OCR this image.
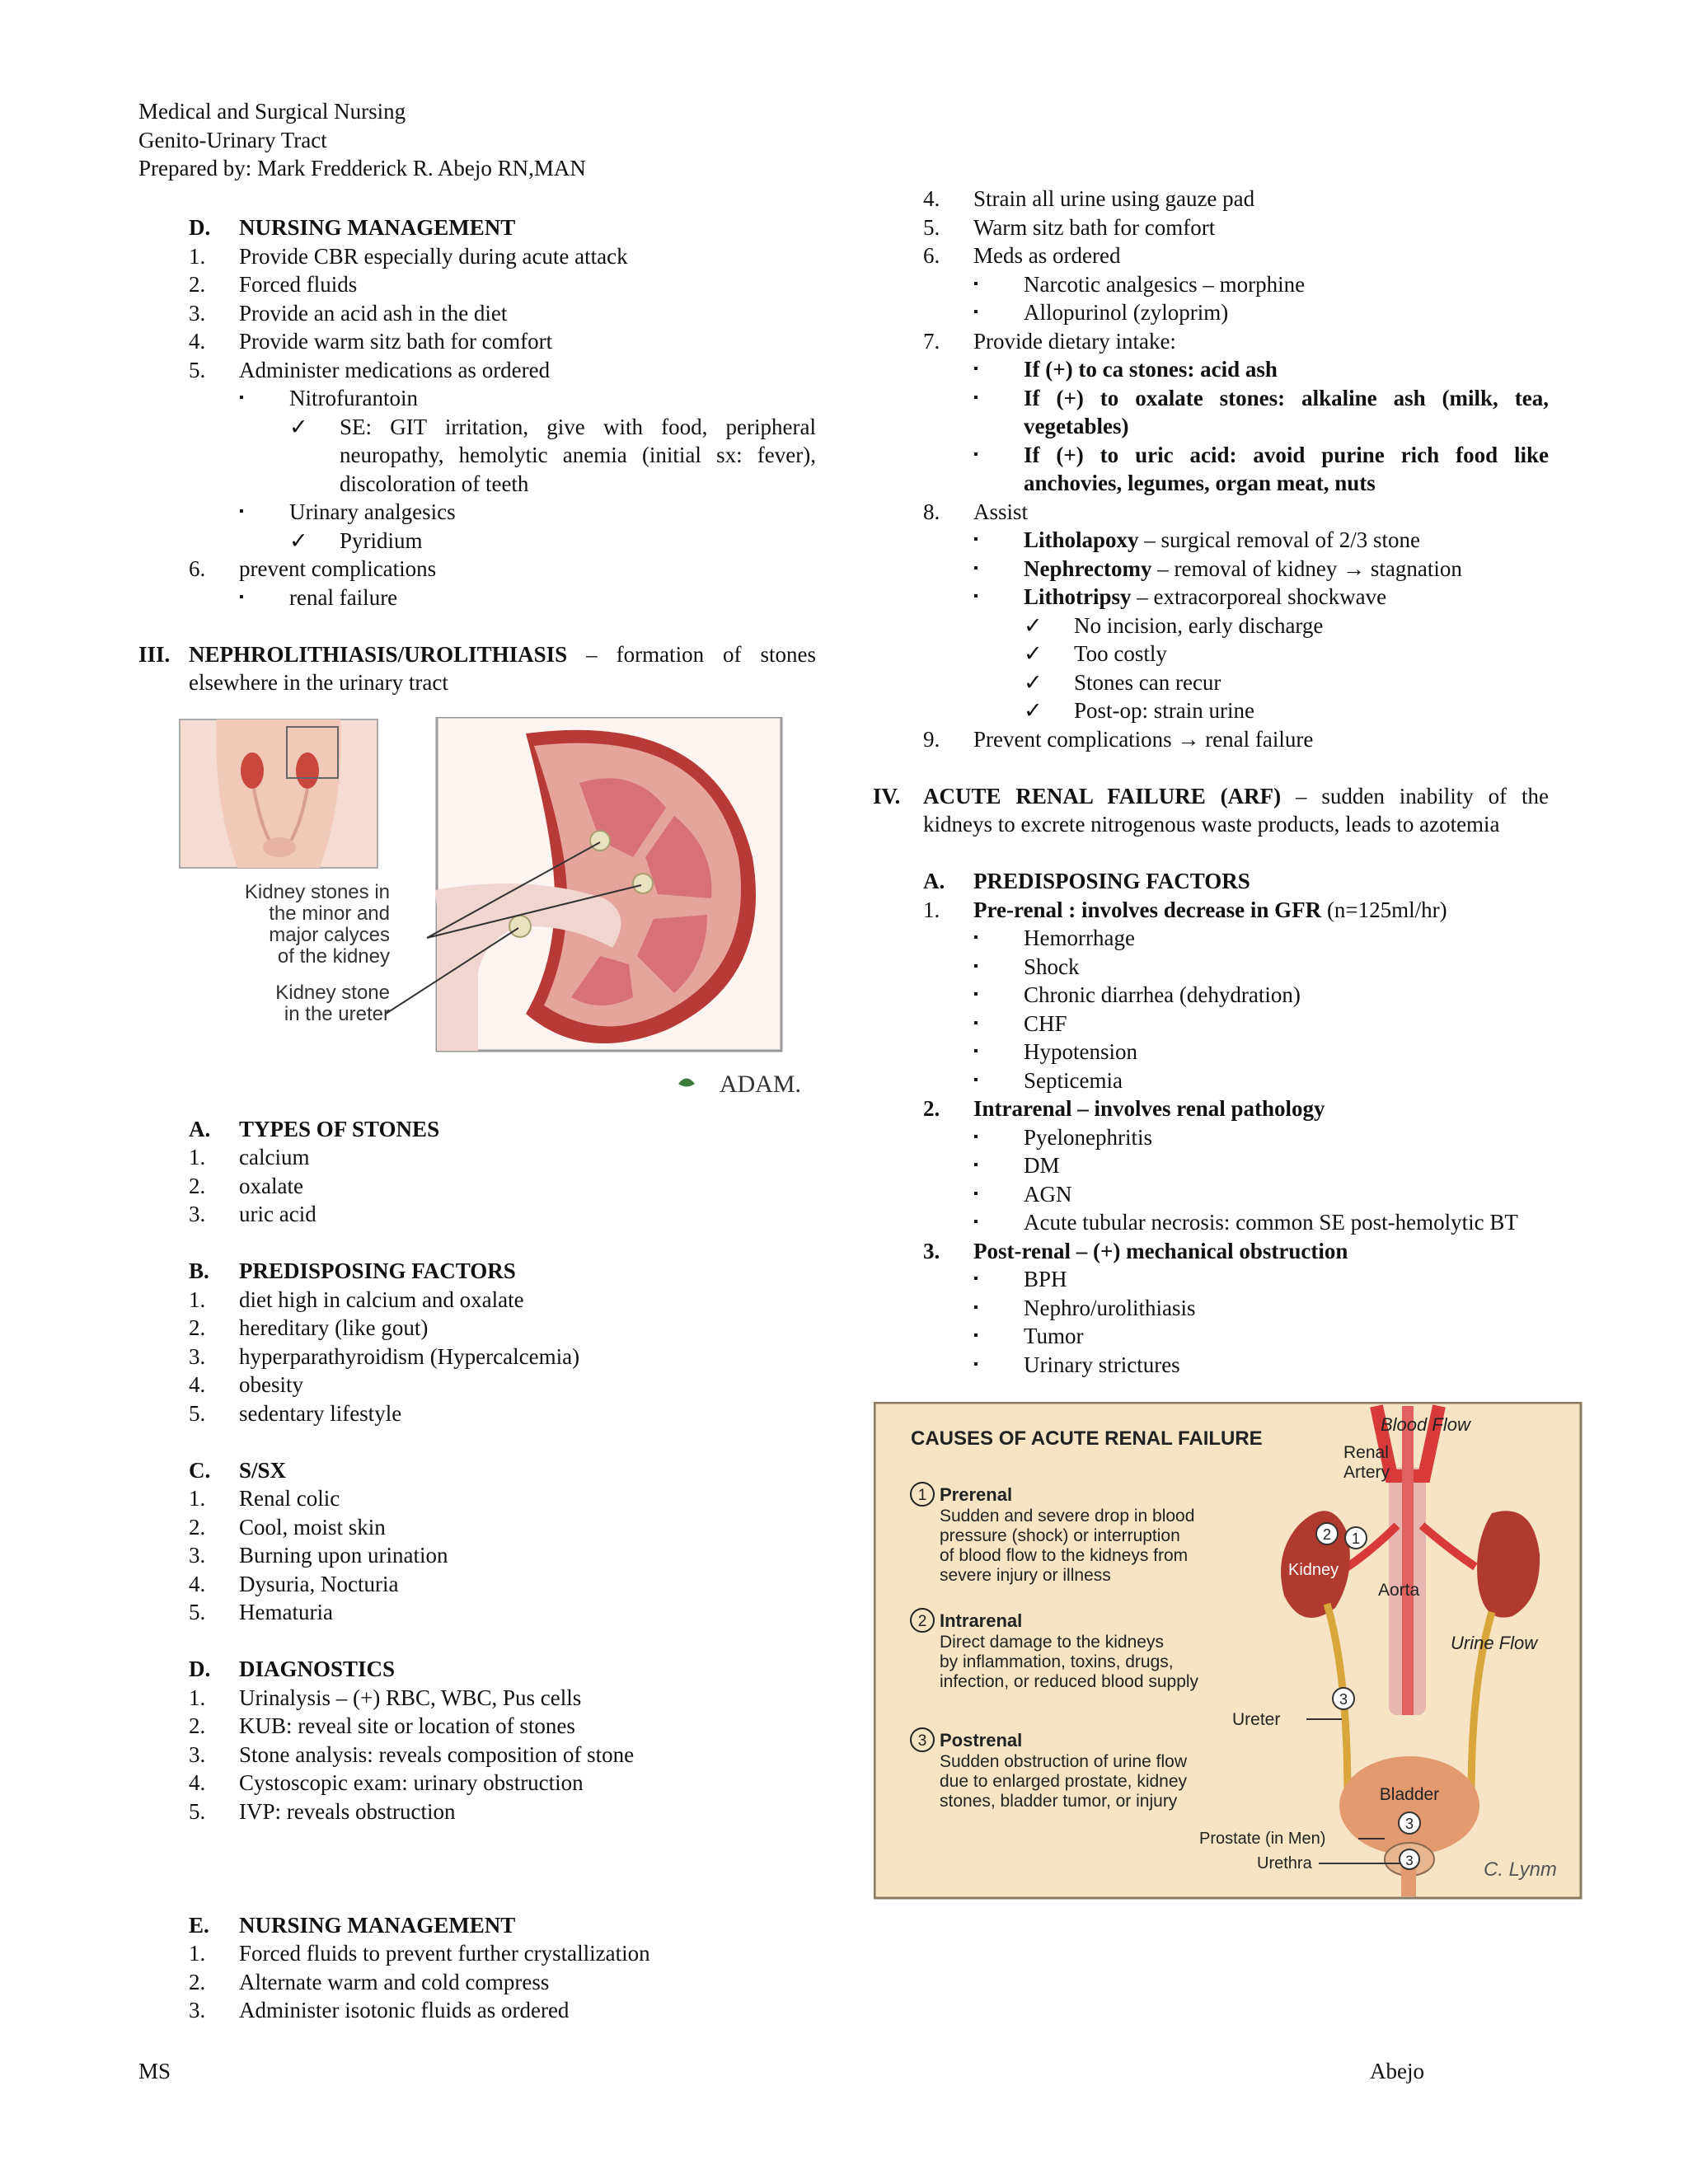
Medical and Surgical Nursing
Genito-Urinary Tract
Prepared by: Mark Fredderick R. Abejo RN,MAN
D.	NURSING MANAGEMENT
1.	Provide CBR especially during acute attack
2.	Forced fluids
3.	Provide an acid ash in the diet
4.	Provide warm sitz bath for comfort
5.	Administer medications as ordered
▪	Nitrofurantoin
✓	SE: GIT irritation, give with food, peripheral neuropathy, hemolytic anemia (initial sx: fever), discoloration of teeth
▪	Urinary analgesics
✓	Pyridium
6.	prevent complications
▪	renal failure
III. NEPHROLITHIASIS/UROLITHIASIS – formation of stones elsewhere in the urinary tract
Kidney stones in
the minor and
major calyces
of the kidney
Kidney stone
in the ureter
ADAM.
A.	TYPES OF STONES
1.	calcium
2.	oxalate
3.	uric acid
B.	PREDISPOSING FACTORS
1.	diet high in calcium and oxalate
2.	hereditary (like gout)
3.	hyperparathyroidism (Hypercalcemia)
4.	obesity
5.	sedentary lifestyle
C.	S/SX
1.	Renal colic
2.	Cool, moist skin
3.	Burning upon urination
4.	Dysuria, Nocturia
5.	Hematuria
D.	DIAGNOSTICS
1.	Urinalysis – (+) RBC, WBC, Pus cells
2.	KUB: reveal site or location of stones
3.	Stone analysis: reveals composition of stone
4.	Cystoscopic exam: urinary obstruction
5.	IVP: reveals obstruction
E.	NURSING MANAGEMENT
1.	Forced fluids to prevent further crystallization
2.	Alternate warm and cold compress
3.	Administer isotonic fluids as ordered
4.	Strain all urine using gauze pad
5.	Warm sitz bath for comfort
6.	Meds as ordered
▪	Narcotic analgesics – morphine
▪	Allopurinol (zyloprim)
7.	Provide dietary intake:
▪	If (+) to ca stones: acid ash
▪	If (+) to oxalate stones: alkaline ash (milk, tea, vegetables)
▪	If (+) to uric acid: avoid purine rich food like anchovies, legumes, organ meat, nuts
8.	Assist
▪	Litholapoxy – surgical removal of 2/3 stone
▪	Nephrectomy – removal of kidney → stagnation
▪	Lithotripsy – extracorporeal shockwave
✓	No incision, early discharge
✓	Too costly
✓	Stones can recur
✓	Post-op: strain urine
9.	Prevent complications → renal failure
IV.	ACUTE RENAL FAILURE (ARF) – sudden inability of the kidneys to excrete nitrogenous waste products, leads to azotemia
A.	PREDISPOSING FACTORS
1.	Pre-renal : involves decrease in GFR (n=125ml/hr)
▪	Hemorrhage
▪	Shock
▪	Chronic diarrhea (dehydration)
▪	CHF
▪	Hypotension
▪	Septicemia
2.	Intrarenal – involves renal pathology
▪	Pyelonephritis
▪	DM
▪	AGN
▪	Acute tubular necrosis: common SE post-hemolytic BT
3.	Post-renal – (+) mechanical obstruction
▪	BPH
▪	Nephro/urolithiasis
▪	Tumor
▪	Urinary strictures
CAUSES OF ACUTE RENAL FAILURE
1 Prerenal
Sudden and severe drop in blood
pressure (shock) or interruption
of blood flow to the kidneys from
severe injury or illness
2 Intrarenal
Direct damage to the kidneys
by inflammation, toxins, drugs,
infection, or reduced blood supply
3 Postrenal
Sudden obstruction of urine flow
due to enlarged prostate, kidney
stones, bladder tumor, or injury
1
2
3
3
3
Blood Flow
Renal
Artery
Kidney
Aorta
Urine Flow
Ureter
Bladder
Prostate (in Men)
Urethra	C. Lynm
MS	Abejo
